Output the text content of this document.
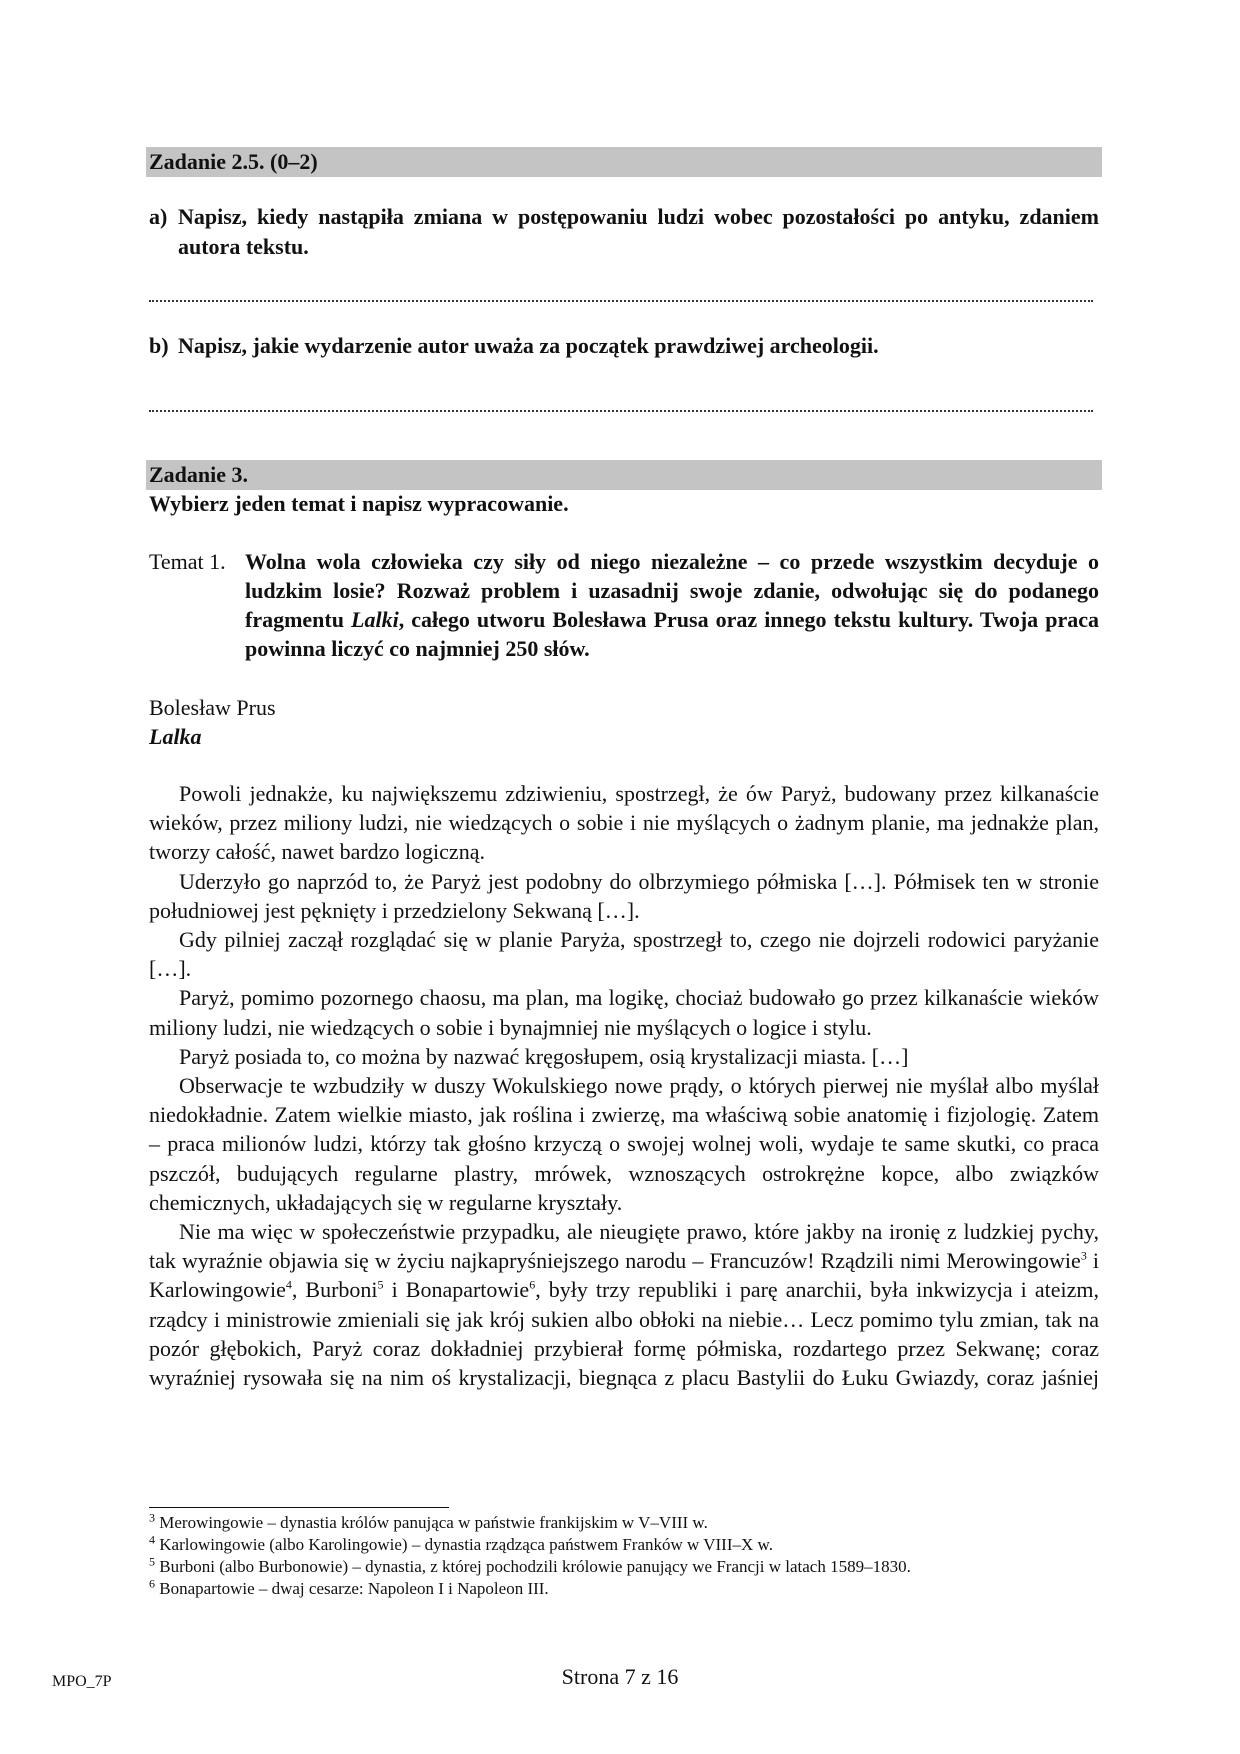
Zadanie 2.5. (0–2)
a) Napisz, kiedy nastąpiła zmiana w postępowaniu ludzi wobec pozostałości po antyku, zdaniem autora tekstu.
b) Napisz, jakie wydarzenie autor uważa za początek prawdziwej archeologii.
Zadanie 3.
Wybierz jeden temat i napisz wypracowanie.
Temat 1. Wolna wola człowieka czy siły od niego niezależne – co przede wszystkim decyduje o ludzkim losie? Rozważ problem i uzasadnij swoje zdanie, odwołując się do podanego fragmentu Lalki, całego utworu Bolesława Prusa oraz innego tekstu kultury. Twoja praca powinna liczyć co najmniej 250 słów.
Bolesław Prus
Lalka

Powoli jednakże, ku największemu zdziwieniu, spostrzegł, że ów Paryż, budowany przez kilkanaście wieków, przez miliony ludzi, nie wiedzących o sobie i nie myślących o żadnym planie, ma jednakże plan, tworzy całość, nawet bardzo logiczną.

Uderzyło go naprzód to, że Paryż jest podobny do olbrzymiego półmiska […]. Półmisek ten w stronie południowej jest pęknięty i przedzielony Sekwaną […].

Gdy pilniej zaczął rozglądać się w planie Paryża, spostrzegł to, czego nie dojrzeli rodowici paryżanie […].

Paryż, pomimo pozornego chaosu, ma plan, ma logikę, chociaż budowało go przez kilkanaście wieków miliony ludzi, nie wiedzących o sobie i bynajmniej nie myślących o logice i stylu.

Paryż posiada to, co można by nazwać kręgosłupem, osią krystalizacji miasta. […]

Obserwacje te wzbudziły w duszy Wokulskiego nowe prądy, o których pierwej nie myślał albo myślał niedokładnie. Zatem wielkie miasto, jak roślina i zwierzę, ma właściwą sobie anatomię i fizjologię. Zatem – praca milionów ludzi, którzy tak głośno krzyczą o swojej wolnej woli, wydaje te same skutki, co praca pszczół, budujących regularne plastry, mrówek, wznoszących ostrokrężne kopce, albo związków chemicznych, układających się w regularne kryształy.

Nie ma więc w społeczeństwie przypadku, ale nieugięte prawo, które jakby na ironię z ludzkiej pychy, tak wyraźnie objawia się w życiu najkapryśniejszego narodu – Francuzów! Rządzili nimi Merowingowie$^3$ i Karlowingowie$^4$, Burboni$^5$ i Bonapartowie$^6$, były trzy republiki i parę anarchii, była inkwizycja i ateizm, rządcy i ministrowie zmieniali się jak krój sukien albo obłoki na niebie… Lecz pomimo tylu zmian, tak na pozór głębokich, Paryż coraz dokładniej przybierał formę półmiska, rozdartego przez Sekwanę; coraz wyraźniej rysowała się na nim oś krystalizacji, biegnąca z placu Bastylii do Łuku Gwiazdy, coraz jaśniej

$^3$ Merowingowie – dynastia królów panująca w państwie frankijskim w V–VIII w.
$^4$ Karlowingowie (albo Karolingowie) – dynastia rządząca państwem Franków w VIII–X w.
$^5$ Burboni (albo Burbonowie) – dynastia, z której pochodzili królowie panujący we Francji w latach 1589–1830.
$^6$ Bonapartowie – dwaj cesarze: Napoleon I i Napoleon III.
MPO_7P	Strona 7 z 16
